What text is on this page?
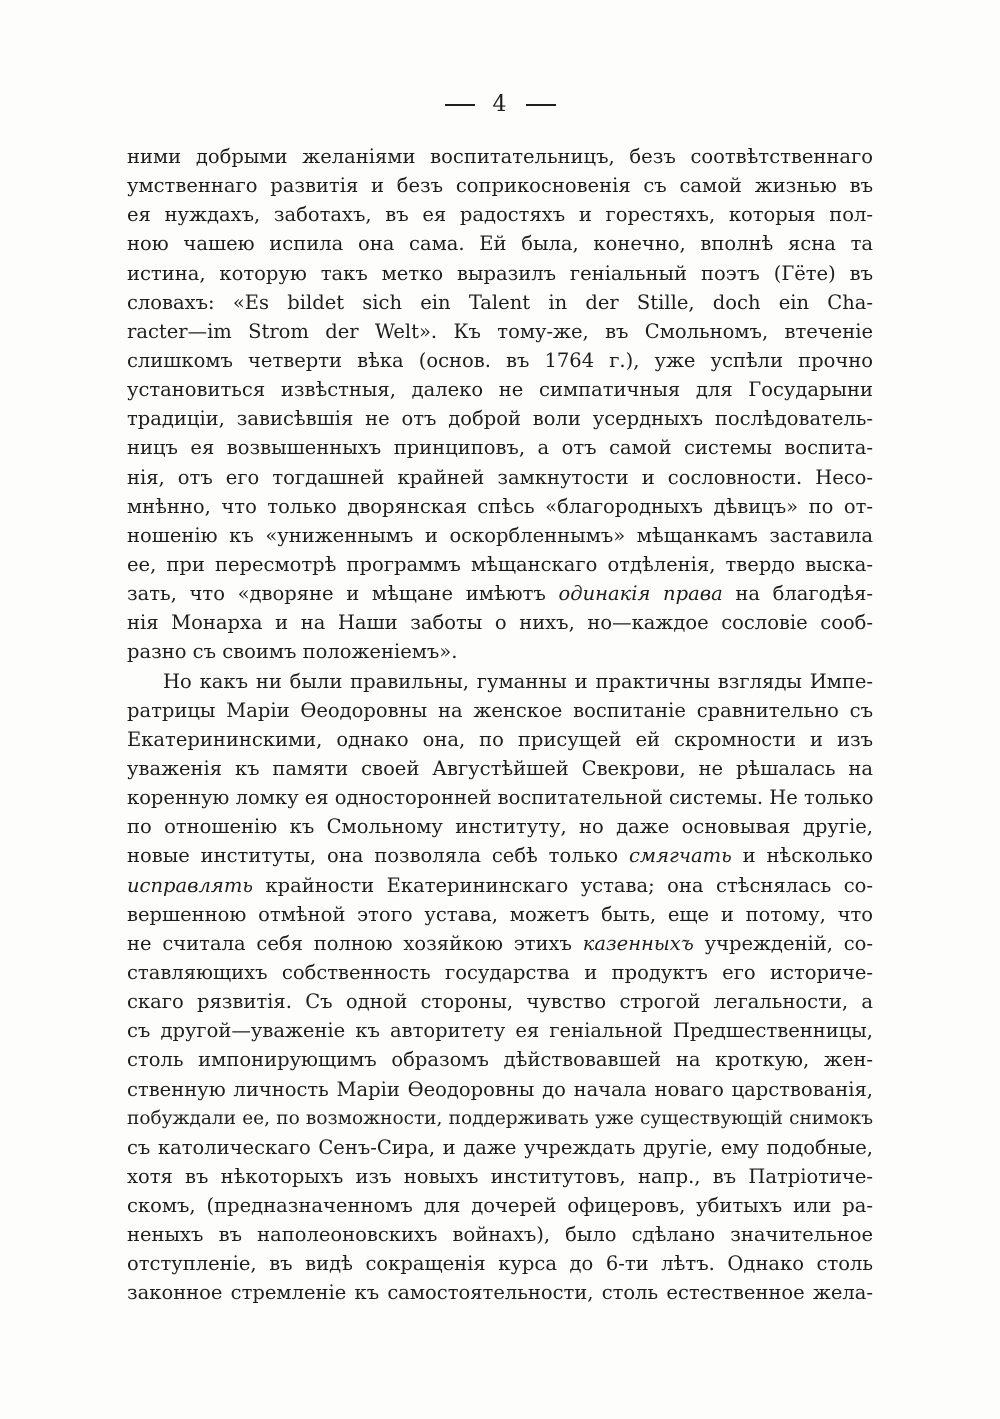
4
ними добрыми желаніями воспитательницъ, безъ соотвѣтственнаго
умственнаго развитія и безъ соприкосновенія съ самой жизнью въ
ея нуждахъ, заботахъ, въ ея радостяхъ и горестяхъ, которыя пол-
ною чашею испила она сама. Ей была, конечно, вполнѣ ясна та
истина, которую такъ метко выразилъ геніальный поэтъ (Гёте) въ
словахъ: «Es bildet sich ein Talent in der Stille, doch ein Cha-
racter—im Strom der Welt». Къ тому-же, въ Смольномъ, втеченіе
слишкомъ четверти вѣка (основ. въ 1764 г.), уже успѣли прочно
установиться извѣстныя, далеко не симпатичныя для Государыни
традиціи, зависѣвшія не отъ доброй воли усердныхъ послѣдователь-
ницъ ея возвышенныхъ принциповъ, а отъ самой системы воспита-
нія, отъ его тогдашней крайней замкнутости и сословности. Несо-
мнѣнно, что только дворянская спѣсь «благородныхъ дѣвицъ» по от-
ношенію къ «униженнымъ и оскорбленнымъ» мѣщанкамъ заставила
ее, при пересмотрѣ программъ мѣщанскаго отдѣленія, твердо выска-
зать, что «дворяне и мѣщане имѣютъ одинакія права на благодѣя-
нія Монарха и на Наши заботы о нихъ, но—каждое сословіе сооб-
разно съ своимъ положеніемъ».
Но какъ ни были правильны, гуманны и практичны взгляды Импе-
ратрицы Маріи Ѳеодоровны на женское воспитаніе сравнительно съ
Екатерининскими, однако она, по присущей ей скромности и изъ
уваженія къ памяти своей Августѣйшей Свекрови, не рѣшалась на
коренную ломку ея односторонней воспитательной системы. Не только
по отношенію къ Смольному институту, но даже основывая другіе,
новые институты, она позволяла себѣ только смягчать и нѣсколько
исправлять крайности Екатерининскаго устава; она стѣснялась со-
вершенною отмѣной этого устава, можетъ быть, еще и потому, что
не считала себя полною хозяйкою этихъ казенныхъ учрежденій, со-
ставляющихъ собственность государства и продуктъ его историче-
скаго рязвитія. Съ одной стороны, чувство строгой легальности, а
съ другой—уваженіе къ авторитету ея геніальной Предшественницы,
столь импонирующимъ образомъ дѣйствовавшей на кроткую, жен-
ственную личность Маріи Ѳеодоровны до начала новаго царствованія,
побуждали ее, по возможности, поддерживать уже существующій снимокъ
съ католическаго Сенъ-Сира, и даже учреждать другіе, ему подобные,
хотя въ нѣкоторыхъ изъ новыхъ институтовъ, напр., въ Патріотиче-
скомъ, (предназначенномъ для дочерей офицеровъ, убитыхъ или ра-
неныхъ въ наполеоновскихъ войнахъ), было сдѣлано значительное
отступленіе, въ видѣ сокращенія курса до 6-ти лѣтъ. Однако столь
законное стремленіе къ самостоятельности, столь естественное жела-
